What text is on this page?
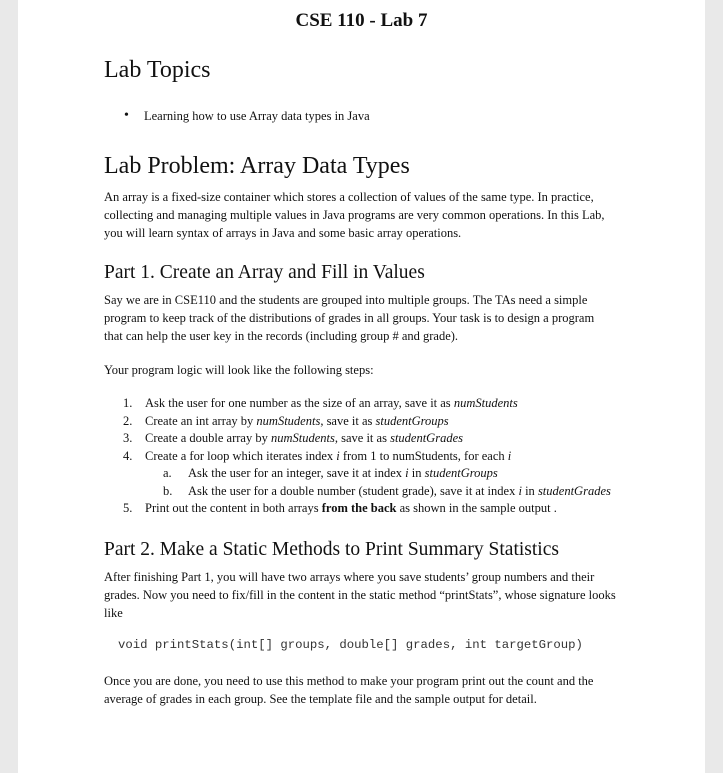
CSE 110 - Lab 7
Lab Topics
• Learning how to use Array data types in Java
Lab Problem: Array Data Types
An array is a fixed-size container which stores a collection of values of the same type. In practice,
collecting and managing multiple values in Java programs are very common operations. In this Lab,
you will learn syntax of arrays in Java and some basic array operations.
Part 1. Create an Array and Fill in Values
Say we are in CSE110 and the students are grouped into multiple groups. The TAs need a simple
program to keep track of the distributions of grades in all groups. Your task is to design a program
that can help the user key in the records (including group # and grade).
Your program logic will look like the following steps:
1. Ask the user for one number as the size of an array, save it as numStudents
2. Create an int array by numStudents, save it as studentGroups
3. Create a double array by numStudents, save it as studentGrades
4. Create a for loop which iterates index i from 1 to numStudents, for each i
a. Ask the user for an integer, save it at index i in studentGroups
b. Ask the user for a double number (student grade), save it at index i in studentGrades
5. Print out the content in both arrays from the back as shown in the sample output .
Part 2. Make a Static Methods to Print Summary Statistics
After finishing Part 1, you will have two arrays where you save students’ group numbers and their
grades. Now you need to fix/fill in the content in the static method “printStats”, whose signature looks
like
void printStats(int[] groups, double[] grades, int targetGroup)
Once you are done, you need to use this method to make your program print out the count and the
average of grades in each group. See the template file and the sample output for detail.
